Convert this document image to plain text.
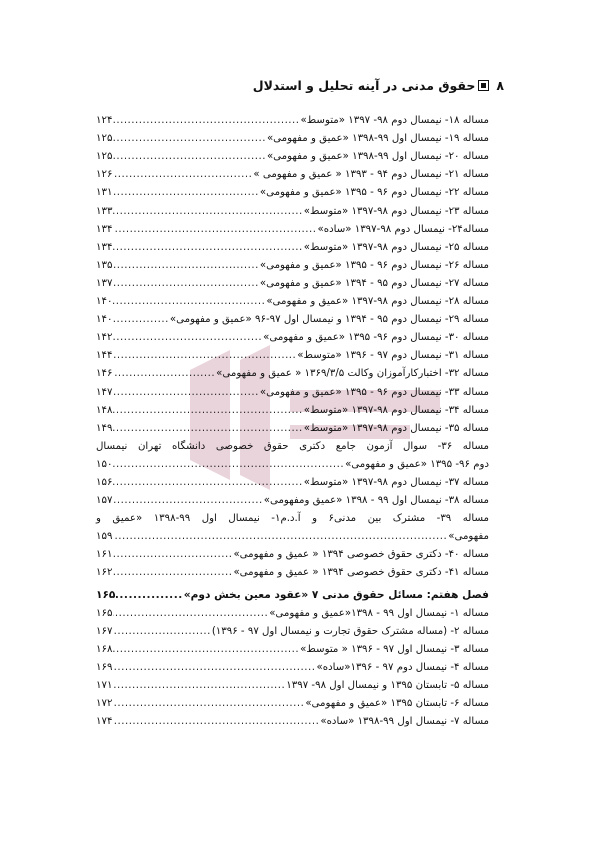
۸
حقوق مدنی در آینه تحلیل و استدلال
مساله ۱۸- نیمسال دوم ۹۸- ۱۳۹۷ «متوسط»
.....
۱۲۴
مساله ۱۹- نیمسال اول ۹۹-۱۳۹۸ «عمیق و مفهومی»
.....
۱۲۵
مساله ۲۰- نیمسال اول ۹۹-۱۳۹۸ «عمیق و مفهومی»
.....
۱۲۵
مساله ۲۱- نیمسال دوم ۹۴ - ۱۳۹۳ « عمیق و مفهومی »
.....
۱۲۶
مساله ۲۲- نیمسال دوم ۹۶ - ۱۳۹۵ «عمیق و مفهومی»
.....
۱۳۱
مساله ۲۳- نیمسال دوم ۹۸-۱۳۹۷ «متوسط»
.....
۱۳۳
مساله۲۴- نیمسال دوم ۹۸-۱۳۹۷ «ساده»
.....
۱۳۴
مساله ۲۵- نیمسال دوم ۹۸-۱۳۹۷ «متوسط»
.....
۱۳۴
مساله ۲۶- نیمسال دوم ۹۶ - ۱۳۹۵ «عمیق و مفهومی»
.....
۱۳۵
مساله ۲۷- نیمسال دوم ۹۵ - ۱۳۹۴ «عمیق و مفهومی»
.....
۱۳۷
مساله ۲۸- نیمسال دوم ۹۸-۱۳۹۷ «عمیق و مفهومی»
.....
۱۴۰
مساله ۲۹- نیمسال دوم ۹۵ - ۱۳۹۴ و نیمسال اول ۹۷-۹۶ «عمیق و مفهومی»
.....
۱۴۰
مساله ۳۰- نیمسال دوم ۹۶- ۱۳۹۵ «عمیق و مفهومی»
.....
۱۴۲
مساله ۳۱- نیمسال دوم ۹۷ - ۱۳۹۶ «متوسط»
.....
۱۴۴
مساله ۳۲- اختبارکارآموزان وکالت ۱۳۶۹/۳/۵ « عمیق و مفهومی»
.....
۱۴۶
مساله ۳۳- نیمسال دوم ۹۶ - ۱۳۹۵ «عمیق و مفهومی»
.....
۱۴۷
مساله ۳۴- نیمسال دوم ۹۸-۱۳۹۷ «متوسط»
.....
۱۴۸
مساله ۳۵- نیمسال دوم ۹۸-۱۳۹۷ «متوسط»
.....
۱۴۹
مساله ۳۶- سوال آزمون جامع دکتری حقوق خصوصی دانشگاه تهران نیمسال
دوم ۹۶- ۱۳۹۵ «عمیق و مفهومی»
.....
۱۵۰
مساله ۳۷- نیمسال دوم ۹۸-۱۳۹۷ «متوسط»
.....
۱۵۶
مساله ۳۸- نیمسال اول ۹۹ - ۱۳۹۸ «عمیق ومفهومی»
.....
۱۵۷
مساله ۳۹- مشترک بین مدنی۶ و آ.د.م۱- نیمسال اول ۹۹-۱۳۹۸ «عمیق و
مفهومی»
.....
۱۵۹
مساله ۴۰- دکتری حقوق خصوصی ۱۳۹۴ « عمیق و مفهومی»
.....
۱۶۱
مساله ۴۱- دکتری حقوق خصوصی ۱۳۹۴ « عمیق و مفهومی»
.....
۱۶۲
فصل هفتم: مسائل حقوق مدنی ۷ «عقود معین بخش دوم»
.....
۱۶۵
مساله ۱- نیمسال اول ۹۹ - ۱۳۹۸«عمیق و مفهومی»
.....
۱۶۵
مساله ۲- (مساله مشترک حقوق تجارت و نیمسال اول ۹۷ - ۱۳۹۶)
.....
۱۶۷
مساله ۳- نیمسال اول ۹۷ - ۱۳۹۶ « متوسط»
.....
۱۶۸
مساله ۴- نیمسال دوم ۹۷ - ۱۳۹۶«ساده»
.....
۱۶۹
مساله ۵- تابستان ۱۳۹۵ و نیمسال اول ۹۸- ۱۳۹۷
.....
۱۷۱
مساله ۶- تابستان ۱۳۹۵ «عمیق و مفهومی»
.....
۱۷۲
مساله ۷- نیمسال اول ۹۹-۱۳۹۸ «ساده»
.....
۱۷۴
